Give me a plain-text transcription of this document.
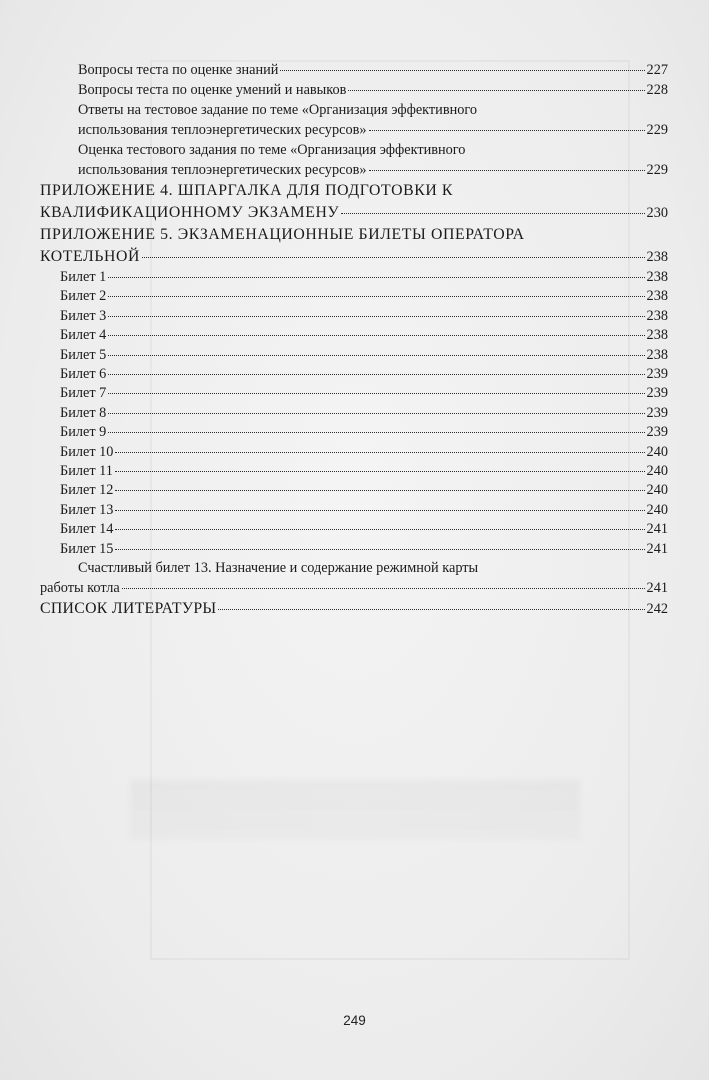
Вопросы теста по оценке знаний	227
Вопросы теста по оценке умений и навыков	228
Ответы на тестовое задание по теме «Организация эффективного
использования теплоэнергетических ресурсов»	229
Оценка тестового задания по теме «Организация эффективного
использования теплоэнергетических ресурсов»	229
ПРИЛОЖЕНИЕ 4. ШПАРГАЛКА ДЛЯ ПОДГОТОВКИ К
КВАЛИФИКАЦИОННОМУ ЭКЗАМЕНУ	230
ПРИЛОЖЕНИЕ 5. ЭКЗАМЕНАЦИОННЫЕ БИЛЕТЫ ОПЕРАТОРА
КОТЕЛЬНОЙ	238
Билет 1	238
Билет 2	238
Билет 3	238
Билет 4	238
Билет 5	238
Билет 6	239
Билет 7	239
Билет 8	239
Билет 9	239
Билет 10	240
Билет 11	240
Билет 12	240
Билет 13	240
Билет 14	241
Билет 15	241
Счастливый билет 13. Назначение и содержание режимной карты
работы котла	241
СПИСОК ЛИТЕРАТУРЫ	242
249
